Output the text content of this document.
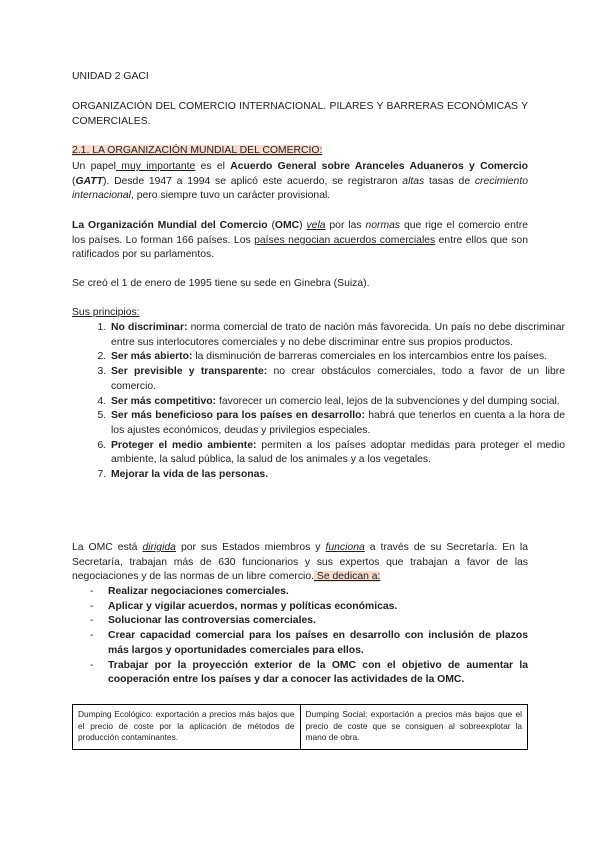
UNIDAD 2 GACI

ORGANIZACIÓN DEL COMERCIO INTERNACIONAL. PILARES Y BARRERAS ECONÓMICAS Y COMERCIALES.

2.1. LA ORGANIZACIÓN MUNDIAL DEL COMERCIO:

Un papel muy importante es el Acuerdo General sobre Aranceles Aduaneros y Comercio (GATT). Desde 1947 a 1994 se aplicó este acuerdo, se registraron altas tasas de crecimiento internacional, pero siempre tuvo un carácter provisional.

La Organización Mundial del Comercio (OMC) vela por las normas que rige el comercio entre los países. Lo forman 166 países. Los países negocian acuerdos comerciales entre ellos que son ratificados por su parlamentos.

Se creó el 1 de enero de 1995 tiene su sede en Ginebra (Suiza).

Sus principios:

1. No discriminar: norma comercial de trato de nación más favorecida. Un país no debe discriminar entre sus interlocutores comerciales y no debe discriminar entre sus propios productos.
2. Ser más abierto: la disminución de barreras comerciales en los intercambios entre los países.
3. Ser previsible y transparente: no crear obstáculos comerciales, todo a favor de un libre comercio.
4. Ser más competitivo: favorecer un comercio leal, lejos de la subvenciones y del dumping social.
5. Ser más beneficioso para los países en desarrollo: habrá que tenerlos en cuenta a la hora de los ajustes económicos, deudas y privilegios especiales.
6. Proteger el medio ambiente: permiten a los países adoptar medidas para proteger el medio ambiente, la salud pública, la salud de los animales y a los vegetales.
7. Mejorar la vida de las personas.

La OMC está dirigida por sus Estados miembros y funciona a través de su Secretaría. En la Secretaría, trabajan más de 630 funcionarios y sus expertos que trabajan a favor de las negociaciones y de las normas de un libre comercio. Se dedican a:

- Realizar negociaciones comerciales.
- Aplicar y vigilar acuerdos, normas y políticas económicas.
- Solucionar las controversias comerciales.
- Crear capacidad comercial para los países en desarrollo con inclusión de plazos más largos y oportunidades comerciales para ellos.
- Trabajar por la proyección exterior de la OMC con el objetivo de aumentar la cooperación entre los países y dar a conocer las actividades de la OMC.
Dumping Ecológico: exportación a precios más bajos que el precio de coste por la aplicación de métodos de producción contaminantes.	Dumping Social: exportación a precios más bajos que el precio de coste que se consiguen al sobreexplotar la mano de obra.
